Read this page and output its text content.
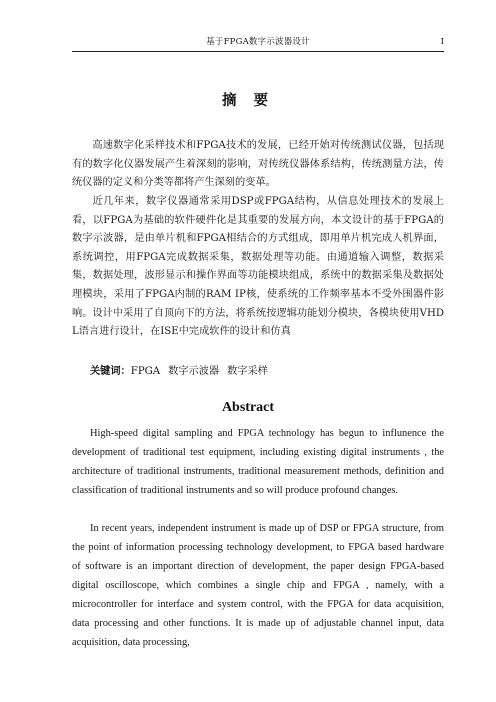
基于FPGA数字示波器设计	I
摘 要

高速数字化采样技术和FPGA技术的发展，已经开始对传统测试仪器，包括现有的数字化仪器发展产生着深刻的影响，对传统仪器体系结构，传统测量方法，传统仪器的定义和分类等都将产生深刻的变革。

近几年来，数字仪器通常采用DSP或FPGA结构，从信息处理技术的发展上看，以FPGA为基础的软件硬件化是其重要的发展方向，本文设计的基于FPGA的数字示波器，是由单片机和FPGA相结合的方式组成，即用单片机完成人机界面，系统调控，用FPGA完成数据采集，数据处理等功能。由通道输入调整，数据采集，数据处理，波形显示和操作界面等功能模块组成，系统中的数据采集及数据处理模块，采用了FPGA内制的RAM IP核，使系统的工作频率基本不受外围器件影响。设计中采用了自顶向下的方法，将系统按逻辑功能划分模块，各模块使用VHDL语言进行设计，在ISE中完成软件的设计和仿真

关键词：FPGA 数字示波器 数字采样
Abstract

High-speed digital sampling and FPGA technology has begun to influnence the development of traditional test equipment, including existing digital instruments , the architecture of traditional instruments, traditional measurement methods, definition and classification of traditional instruments and so will produce profound changes.

In recent years, independent instrument is made up of DSP or FPGA structure, from the point of information processing technology development, to FPGA based hardware of software is an important direction of development, the paper design FPGA-based digital oscilloscope, which combines a single chip and FPGA , namely, with a microcontroller for interface and system control, with the FPGA for data acquisition, data processing and other functions. It is made up of adjustable channel input, data acquisition, data processing,
